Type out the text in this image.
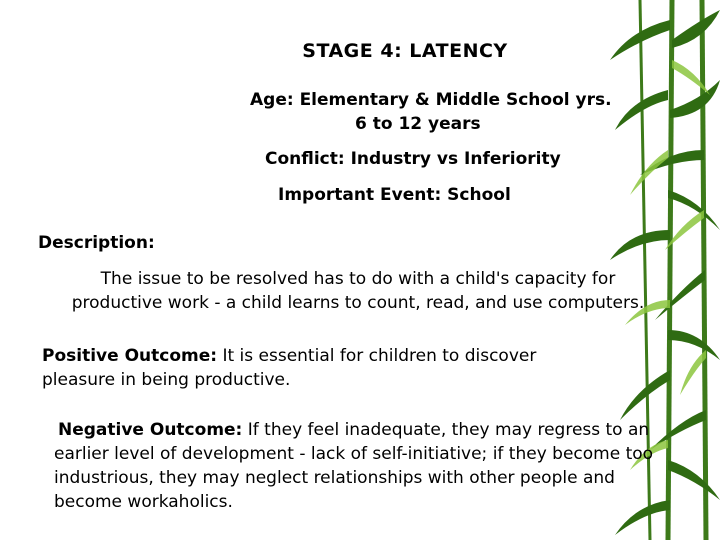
STAGE 4: LATENCY
Age: Elementary & Middle School yrs.
6 to 12 years
Conflict: Industry vs Inferiority
Important Event: School
Description:
The issue to be resolved has to do with a child's capacity for productive work - a child learns to count, read, and use computers.
Positive Outcome: It is essential for children to discover pleasure in being productive.
Negative Outcome: If they feel inadequate, they may regress to an earlier level of development - lack of self-initiative; if they become too industrious, they may neglect relationships with other people and become workaholics.
